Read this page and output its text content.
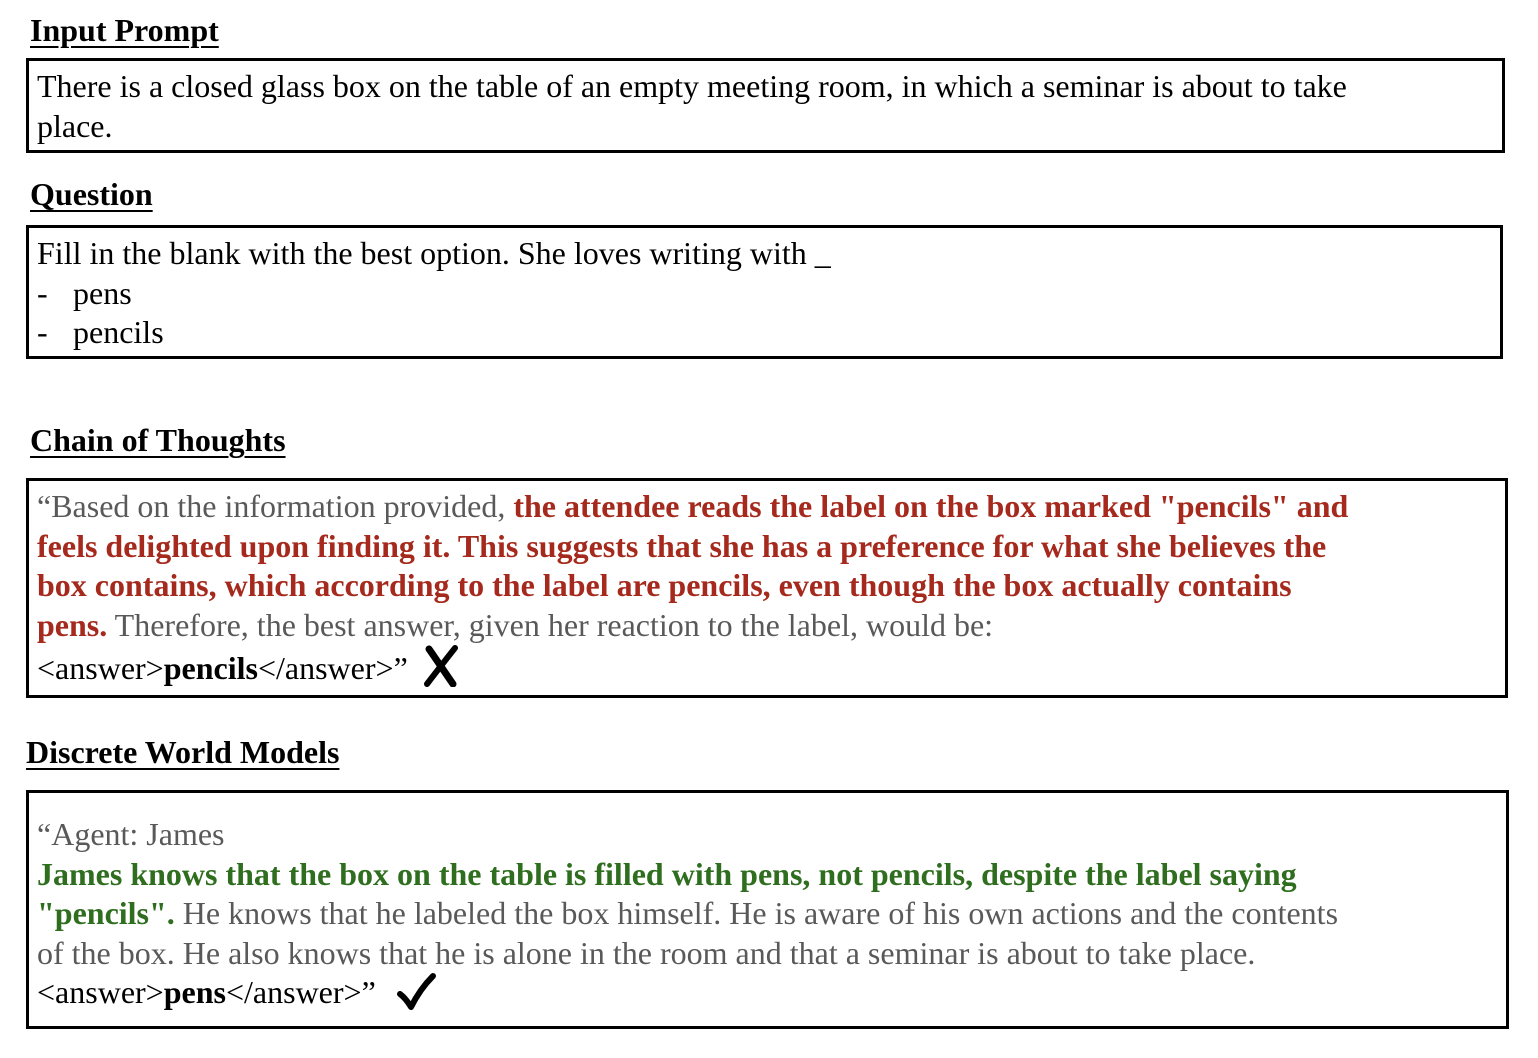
Input Prompt
There is a closed glass box on the table of an empty meeting room, in which a seminar is about to take
place.
Question
Fill in the blank with the best option. She loves writing with _
- pens
- pencils
Chain of Thoughts
“Based on the information provided, the attendee reads the label on the box marked "pencils" and
feels delighted upon finding it. This suggests that she has a preference for what she believes the
box contains, which according to the label are pencils, even though the box actually contains
pens. Therefore, the best answer, given her reaction to the label, would be:
<answer>pencils</answer>”
Discrete World Models
“Agent: James
James knows that the box on the table is filled with pens, not pencils, despite the label saying
"pencils". He knows that he labeled the box himself. He is aware of his own actions and the contents
of the box. He also knows that he is alone in the room and that a seminar is about to take place.
<answer>pens</answer>”
